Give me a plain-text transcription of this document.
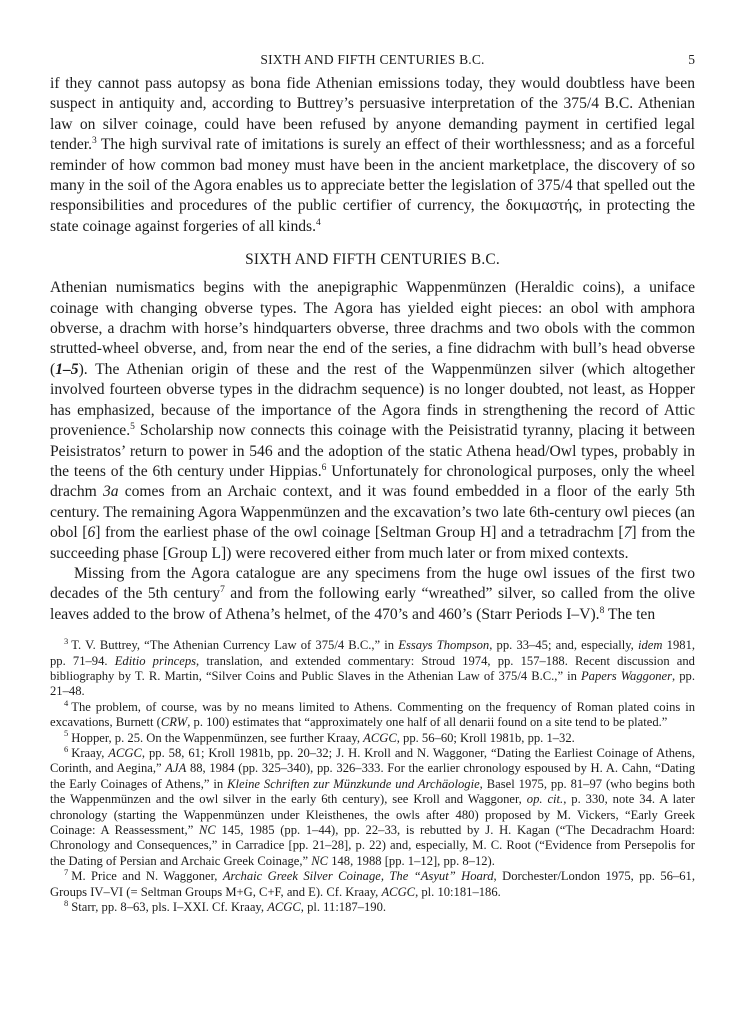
SIXTH AND FIFTH CENTURIES B.C.	5

if they cannot pass autopsy as bona fide Athenian emissions today, they would doubtless have been suspect in antiquity and, according to Buttrey’s persuasive interpretation of the 375/4 B.C. Athenian law on silver coinage, could have been refused by anyone demanding payment in certified legal tender.$^3$ The high survival rate of imitations is surely an effect of their worthlessness; and as a forceful reminder of how common bad money must have been in the ancient marketplace, the discovery of so many in the soil of the Agora enables us to appreciate better the legislation of 375/4 that spelled out the responsibilities and procedures of the public certifier of currency, the δοκιμαστής, in protecting the state coinage against forgeries of all kinds.$^4$

SIXTH AND FIFTH CENTURIES B.C.

Athenian numismatics begins with the anepigraphic Wappenmünzen (Heraldic coins), a uniface coinage with changing obverse types. The Agora has yielded eight pieces: an obol with amphora obverse, a drachm with horse’s hindquarters obverse, three drachms and two obols with the common strutted-wheel obverse, and, from near the end of the series, a fine didrachm with bull’s head obverse (1–5). The Athenian origin of these and the rest of the Wappenmünzen silver (which altogether involved fourteen obverse types in the didrachm sequence) is no longer doubted, not least, as Hopper has emphasized, because of the importance of the Agora finds in strengthening the record of Attic provenience.$^5$ Scholarship now connects this coinage with the Peisistratid tyranny, placing it between Peisistratos’ return to power in 546 and the adoption of the static Athena head/Owl types, probably in the teens of the 6th century under Hippias.$^6$ Unfortunately for chronological purposes, only the wheel drachm 3a comes from an Archaic context, and it was found embedded in a floor of the early 5th century. The remaining Agora Wappenmünzen and the excavation’s two late 6th-century owl pieces (an obol [6] from the earliest phase of the owl coinage [Seltman Group H] and a tetradrachm [7] from the succeeding phase [Group L]) were recovered either from much later or from mixed contexts.

Missing from the Agora catalogue are any specimens from the huge owl issues of the first two decades of the 5th century$^7$ and from the following early “wreathed” silver, so called from the olive leaves added to the brow of Athena’s helmet, of the 470’s and 460’s (Starr Periods I–V).$^8$ The ten

$^3$ T. V. Buttrey, “The Athenian Currency Law of 375/4 B.C.,” in Essays Thompson, pp. 33–45; and, especially, idem 1981, pp. 71–94. Editio princeps, translation, and extended commentary: Stroud 1974, pp. 157–188. Recent discussion and bibliography by T. R. Martin, “Silver Coins and Public Slaves in the Athenian Law of 375/4 B.C.,” in Papers Waggoner, pp. 21–48.

$^4$ The problem, of course, was by no means limited to Athens. Commenting on the frequency of Roman plated coins in excavations, Burnett (CRW, p. 100) estimates that “approximately one half of all denarii found on a site tend to be plated.”

$^5$ Hopper, p. 25. On the Wappenmünzen, see further Kraay, ACGC, pp. 56–60; Kroll 1981b, pp. 1–32.

$^6$ Kraay, ACGC, pp. 58, 61; Kroll 1981b, pp. 20–32; J. H. Kroll and N. Waggoner, “Dating the Earliest Coinage of Athens, Corinth, and Aegina,” AJA 88, 1984 (pp. 325–340), pp. 326–333. For the earlier chronology espoused by H. A. Cahn, “Dating the Early Coinages of Athens,” in Kleine Schriften zur Münzkunde und Archäologie, Basel 1975, pp. 81–97 (who begins both the Wappenmünzen and the owl silver in the early 6th century), see Kroll and Waggoner, op. cit., p. 330, note 34. A later chronology (starting the Wappenmünzen under Kleisthenes, the owls after 480) proposed by M. Vickers, “Early Greek Coinage: A Reassessment,” NC 145, 1985 (pp. 1–44), pp. 22–33, is rebutted by J. H. Kagan (“The Decadrachm Hoard: Chronology and Consequences,” in Carradice [pp. 21–28], p. 22) and, especially, M. C. Root (“Evidence from Persepolis for the Dating of Persian and Archaic Greek Coinage,” NC 148, 1988 [pp. 1–12], pp. 8–12).

$^7$ M. Price and N. Waggoner, Archaic Greek Silver Coinage, The “Asyut” Hoard, Dorchester/London 1975, pp. 56–61, Groups IV–VI (= Seltman Groups M+G, C+F, and E). Cf. Kraay, ACGC, pl. 10:181–186.

$^8$ Starr, pp. 8–63, pls. I–XXI. Cf. Kraay, ACGC, pl. 11:187–190.
